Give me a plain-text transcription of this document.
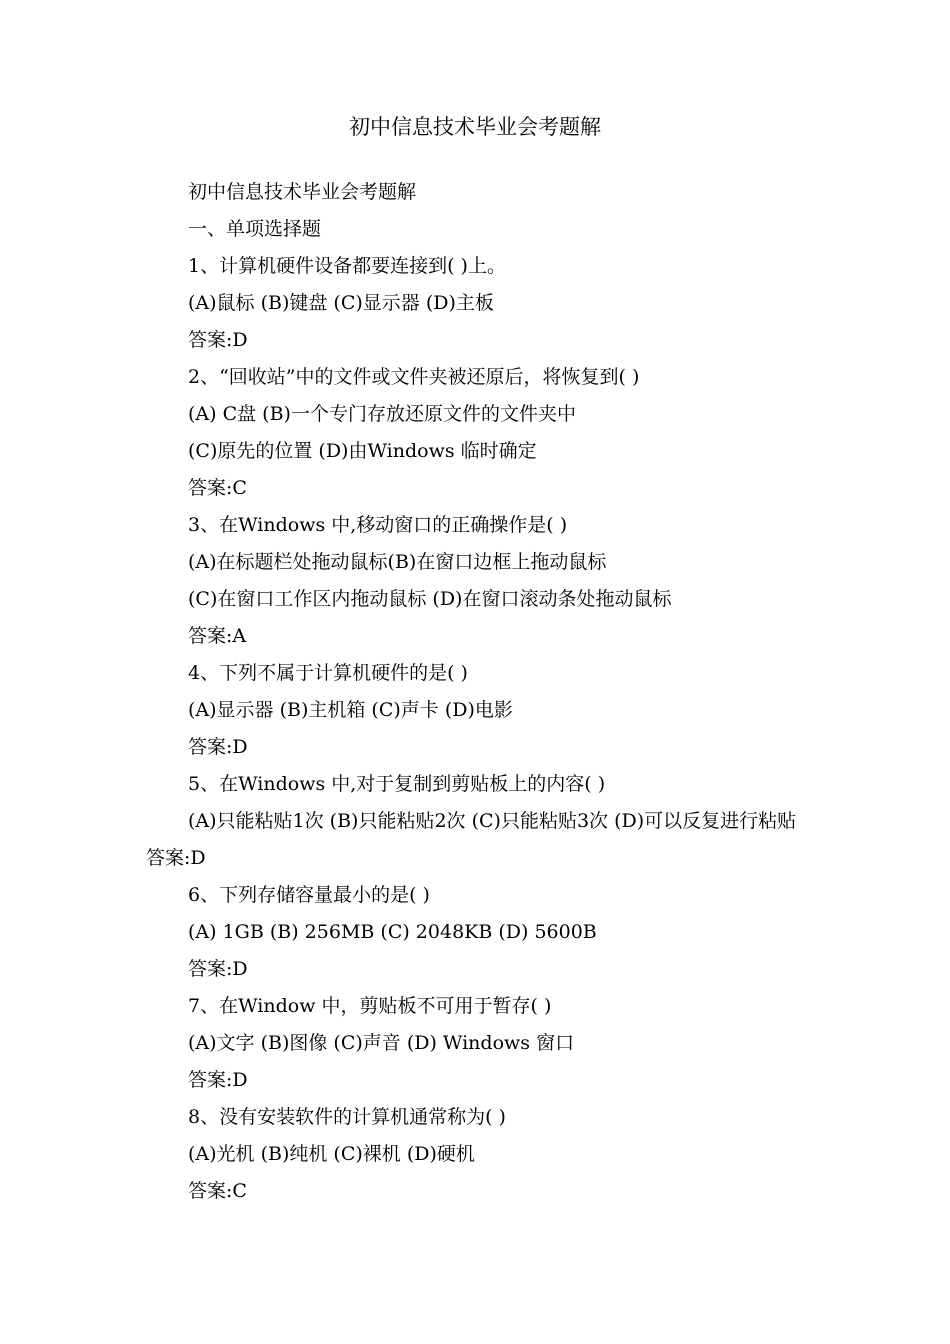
初中信息技术毕业会考题解
初中信息技术毕业会考题解
一、单项选择题
1、计算机硬件设备都要连接到( )上。
(A)鼠标 (B)键盘 (C)显示器 (D)主板
答案:D
2、“回收站”中的文件或文件夹被还原后，将恢复到( )
(A) C盘 (B)一个专门存放还原文件的文件夹中
(C)原先的位置 (D)由Windows 临时确定
答案:C
3、在Windows 中,移动窗口的正确操作是( )
(A)在标题栏处拖动鼠标(B)在窗口边框上拖动鼠标
(C)在窗口工作区内拖动鼠标 (D)在窗口滚动条处拖动鼠标
答案:A
4、下列不属于计算机硬件的是( )
(A)显示器 (B)主机箱 (C)声卡 (D)电影
答案:D
5、在Windows 中,对于复制到剪贴板上的内容( )
(A)只能粘贴1次 (B)只能粘贴2次 (C)只能粘贴3次 (D)可以反复进行粘贴答案:D
6、下列存储容量最小的是( )
(A) 1GB (B) 256MB (C) 2048KB (D) 5600B
答案:D
7、在Window 中，剪贴板不可用于暂存( )
(A)文字 (B)图像 (C)声音 (D) Windows 窗口
答案:D
8、没有安装软件的计算机通常称为( )
(A)光机 (B)纯机 (C)裸机 (D)硬机
答案:C
